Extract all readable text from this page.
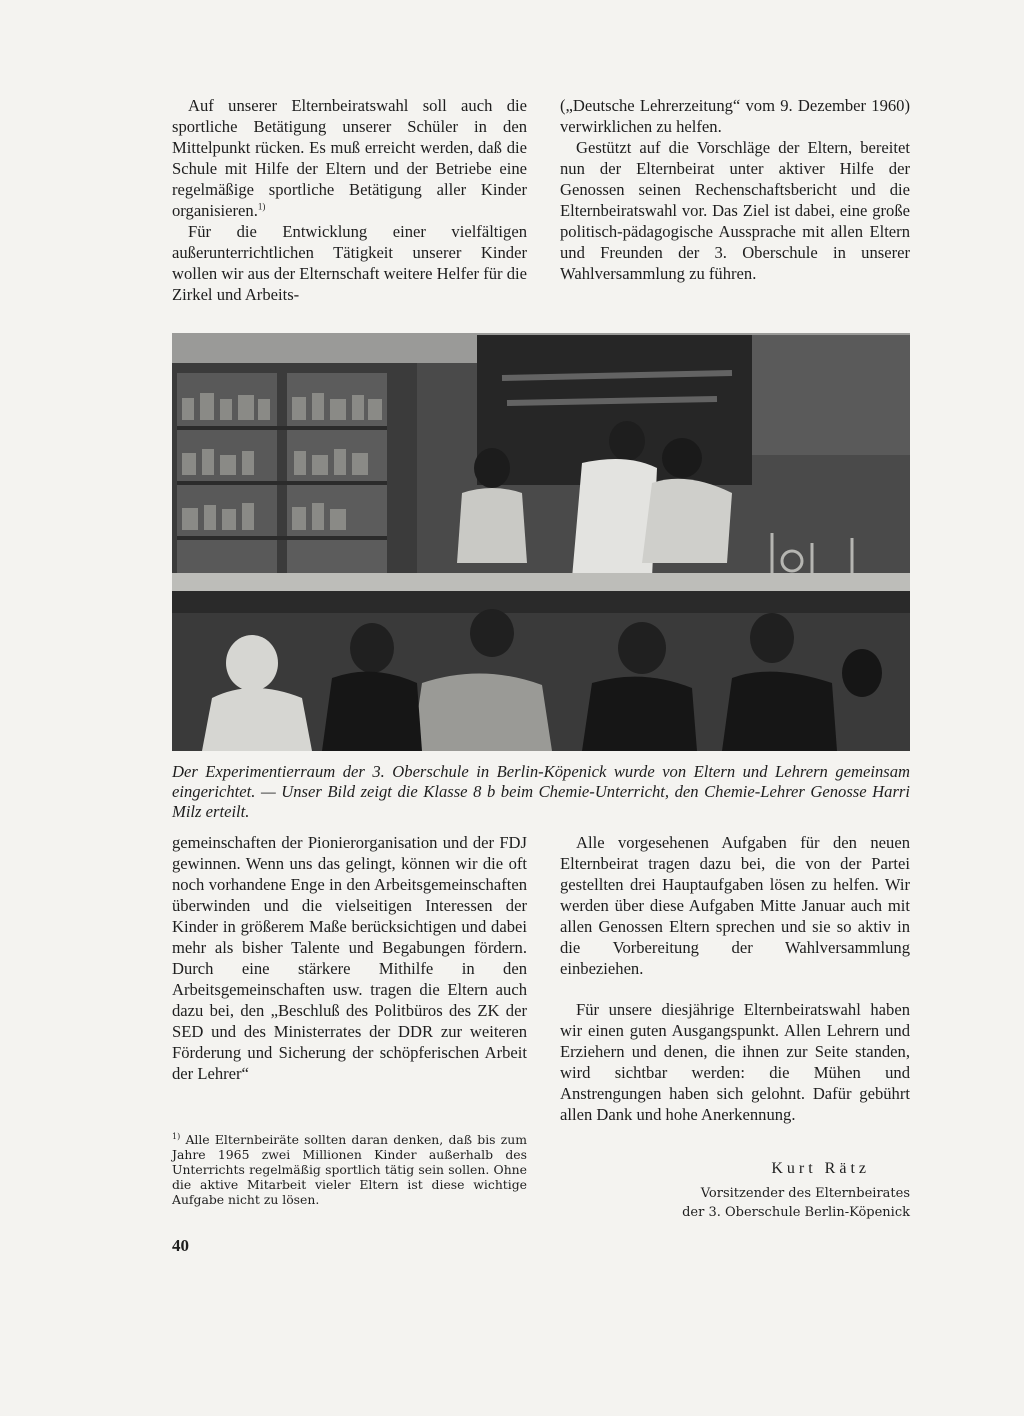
Auf unserer Elternbeiratswahl soll auch die sportliche Betätigung unserer Schüler in den Mittelpunkt rücken. Es muß erreicht werden, daß die Schule mit Hilfe der Eltern und der Betriebe eine regelmäßige sportliche Betätigung aller Kinder organisieren.$^{1)}$

Für die Entwicklung einer vielfältigen außerunterrichtlichen Tätigkeit unserer Kinder wollen wir aus der Elternschaft weitere Helfer für die Zirkel und Arbeits-

(„Deutsche Lehrerzeitung“ vom 9. Dezember 1960) verwirklichen zu helfen.

Gestützt auf die Vorschläge der Eltern, bereitet nun der Elternbeirat unter aktiver Hilfe der Genossen seinen Rechenschaftsbericht und die Elternbeiratswahl vor. Das Ziel ist dabei, eine große politisch-pädagogische Aussprache mit allen Eltern und Freunden der 3. Oberschule in unserer Wahlversammlung zu führen.

Der Experimentierraum der 3. Oberschule in Berlin-Köpenick wurde von Eltern und Lehrern gemeinsam eingerichtet. — Unser Bild zeigt die Klasse 8 b beim Chemie-Unterricht, den Chemie-Lehrer Genosse Harri Milz erteilt.

gemeinschaften der Pionierorganisation und der FDJ gewinnen. Wenn uns das gelingt, können wir die oft noch vorhandene Enge in den Arbeitsgemeinschaften überwinden und die vielseitigen Interessen der Kinder in größerem Maße berücksichtigen und dabei mehr als bisher Talente und Begabungen fördern. Durch eine stärkere Mithilfe in den Arbeitsgemeinschaften usw. tragen die Eltern auch dazu bei, den „Beschluß des Politbüros des ZK der SED und des Ministerrates der DDR zur weiteren Förderung und Sicherung der schöpferischen Arbeit der Lehrer“

Alle vorgesehenen Aufgaben für den neuen Elternbeirat tragen dazu bei, die von der Partei gestellten drei Hauptaufgaben lösen zu helfen. Wir werden über diese Aufgaben Mitte Januar auch mit allen Genossen Eltern sprechen und sie so aktiv in die Vorbereitung der Wahlversammlung einbeziehen.

Für unsere diesjährige Elternbeiratswahl haben wir einen guten Ausgangspunkt. Allen Lehrern und Erziehern und denen, die ihnen zur Seite standen, wird sichtbar werden: die Mühen und Anstrengungen haben sich gelohnt. Dafür gebührt allen Dank und hohe Anerkennung.

$^{1)}$ Alle Elternbeiräte sollten daran denken, daß bis zum Jahre 1965 zwei Millionen Kinder außerhalb des Unterrichts regelmäßig sportlich tätig sein sollen. Ohne die aktive Mitarbeit vieler Eltern ist diese wichtige Aufgabe nicht zu lösen.
Kurt Rätz
Vorsitzender des Elternbeirates
der 3. Oberschule Berlin-Köpenick
40
